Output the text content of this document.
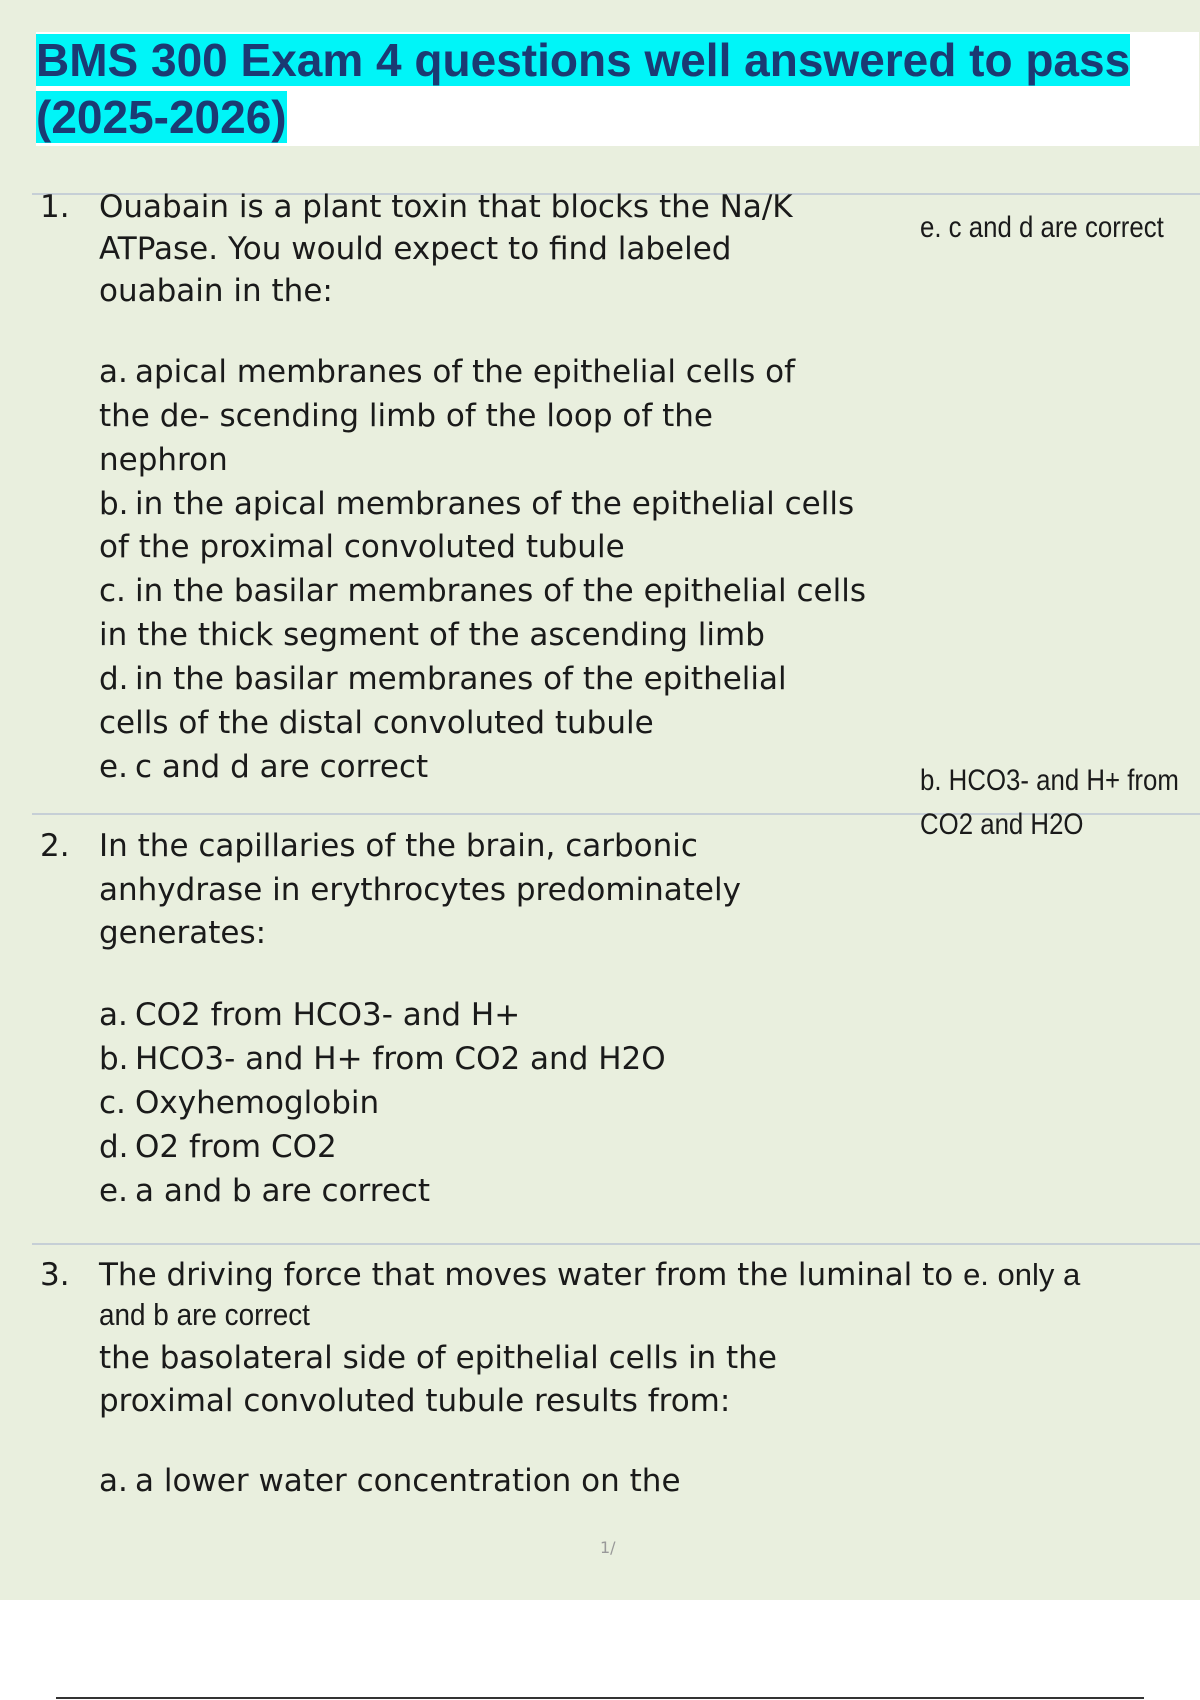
BMS 300 Exam 4 questions well answered to pass
(2025-2026)
1. Ouabain is a plant toxin that blocks the Na/K
ATPase. You would expect to find labeled
ouabain in the:
e. c and d are correct
a. apical membranes of the epithelial cells of
the de- scending limb of the loop of the
nephron
b. in the apical membranes of the epithelial cells
of the proximal convoluted tubule
c. in the basilar membranes of the epithelial cells
in the thick segment of the ascending limb
d. in the basilar membranes of the epithelial
cells of the distal convoluted tubule
e. c and d are correct	b. HCO3- and H+ from
CO2 and H2O
2. In the capillaries of the brain, carbonic
anhydrase in erythrocytes predominately
generates:
a. CO2 from HCO3- and H+
b. HCO3- and H+ from CO2 and H2O
c. Oxyhemoglobin
d. O2 from CO2
e. a and b are correct
3. The driving force that moves water from the luminal to e. only a
and b are correct
the basolateral side of epithelial cells in the
proximal convoluted tubule results from:
a. a lower water concentration on the
1/
